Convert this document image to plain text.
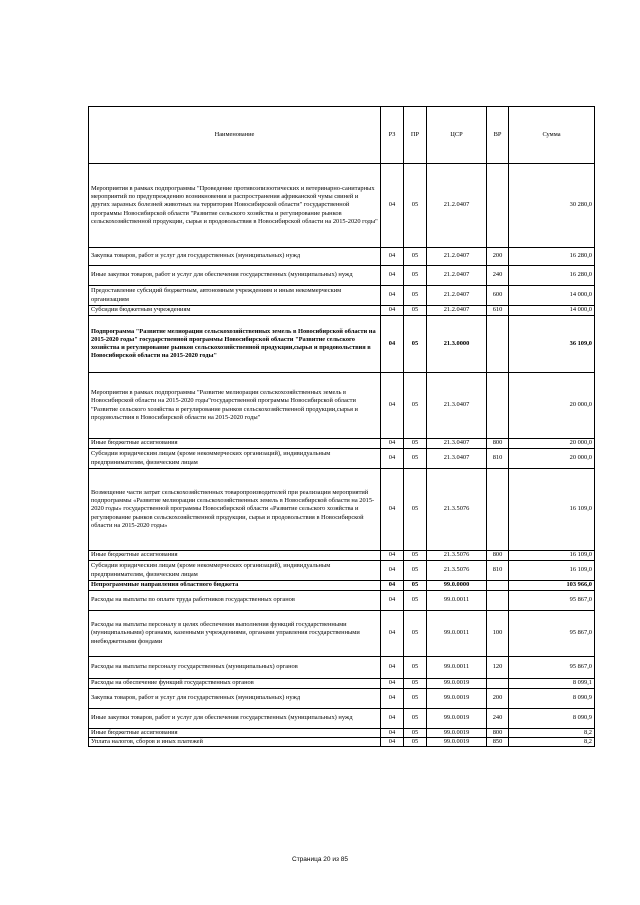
Наименование	РЗ	ПР	ЦСР	ВР	Сумма
Мероприятия в рамках подпрограммы "Проведение противоэпизоотических и ветеринарно-санитарных мероприятий по предупреждению возникновения и распространения африканской чумы свиней и других заразных болезней животных на территории Новосибирской области" государственной программы Новосибирской области "Развитие сельского хозяйства и регулирование рынков сельскохозяйственной продукции, сырья и продовольствия в Новосибирской области на 2015-2020 годы"	04	05	21.2.0407		30 280,0
Закупка товаров, работ и услуг для государственных (муниципальных) нужд	04	05	21.2.0407	200	16 280,0
Иные закупки товаров, работ и услуг для обеспечения государственных (муниципальных) нужд	04	05	21.2.0407	240	16 280,0
Предоставление субсидий бюджетным, автономным учреждениям и иным некоммерческим организациям	04	05	21.2.0407	600	14 000,0
Субсидии бюджетным учреждениям	04	05	21.2.0407	610	14 000,0
Подпрограмма "Развитие мелиорации сельскохозяйственных земель в Новосибирской области на 2015-2020 годы" государственной программы Новосибирской области "Развитие сельского хозяйства и регулирование рынков сельскохозяйственной продукции,сырья и продовольствия в Новосибирской области на 2015-2020 годы"	04	05	21.3.0000		36 109,0
Мероприятия в рамках подпрограммы "Развитие мелиорации сельскохозяйственных земель в Новосибирской области на 2015-2020 годы"государственной программы Новосибирской области "Развитие сельского хозяйства и регулирование рынков сельскохозяйственной продукции,сырья и продовольствия в Новосибирской области на 2015-2020 годы"	04	05	21.3.0407		20 000,0
Иные бюджетные ассигнования	04	05	21.3.0407	800	20 000,0
Субсидии юридическим лицам (кроме некоммерческих организаций), индивидуальным предпринимателям, физическим лицам	04	05	21.3.0407	810	20 000,0
Возмещение части затрат сельскохозяйственных товаропроизводителей при реализации мероприятий подпрограммы «Развитие мелиорации сельскохозяйственных земель в Новосибирской области на 2015-2020 годы» государственной программы Новосибирской области «Развитие сельского хозяйства и регулирование рынков сельскохозяйственной продукции, сырья и продовольствия в Новосибирской области на 2015-2020 годы»	04	05	21.3.5076		16 109,0
Иные бюджетные ассигнования	04	05	21.3.5076	800	16 109,0
Субсидии юридическим лицам (кроме некоммерческих организаций), индивидуальным предпринимателям, физическим лицам	04	05	21.3.5076	810	16 109,0
Непрограммные направления областного бюджета	04	05	99.0.0000		103 966,0
Расходы на выплаты по оплате труда работников государственных органов	04	05	99.0.0011		95 867,0
Расходы на выплаты персоналу в целях обеспечения выполнения функций государственными (муниципальными) органами, казенными учреждениями, органами управления государственными внебюджетными фондами	04	05	99.0.0011	100	95 867,0
Расходы на выплаты персоналу государственных (муниципальных) органов	04	05	99.0.0011	120	95 867,0
Расходы на обеспечение функций государственных органов	04	05	99.0.0019		8 099,1
Закупка товаров, работ и услуг для государственных (муниципальных) нужд	04	05	99.0.0019	200	8 090,9
Иные закупки товаров, работ и услуг для обеспечения государственных (муниципальных) нужд	04	05	99.0.0019	240	8 090,9
Иные бюджетные ассигнования	04	05	99.0.0019	800	8,2
Уплата налогов, сборов и иных платежей	04	05	99.0.0019	850	8,2
Страница 20 из 85
